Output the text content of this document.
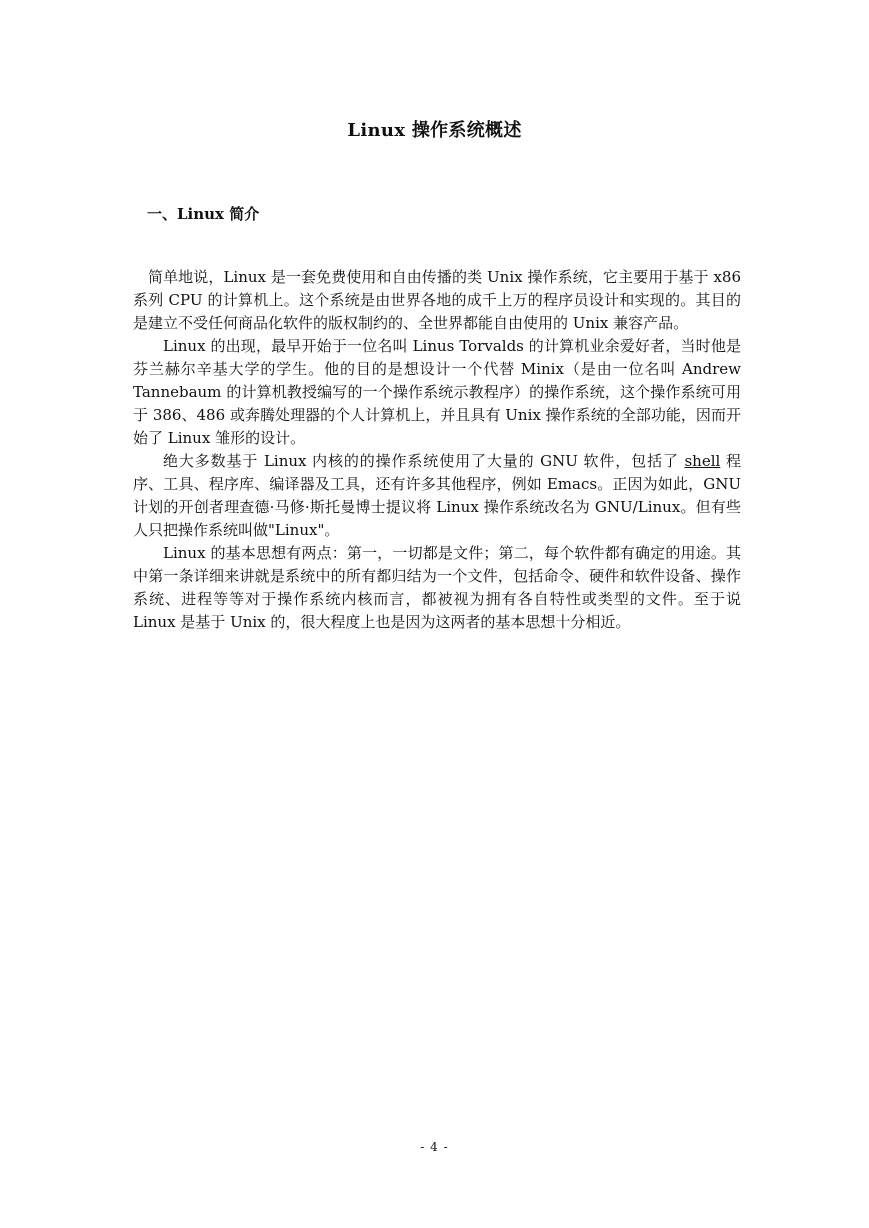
Linux 操作系统概述
一、Linux 简介

简单地说，Linux 是一套免费使用和自由传播的类 Unix 操作系统，它主要用于基于 x86 系列 CPU 的计算机上。这个系统是由世界各地的成千上万的程序员设计和实现的。其目的是建立不受任何商品化软件的版权制约的、全世界都能自由使用的 Unix 兼容产品。

Linux 的出现，最早开始于一位名叫 Linus Torvalds 的计算机业余爱好者，当时他是芬兰赫尔辛基大学的学生。他的目的是想设计一个代替 Minix（是由一位名叫 Andrew Tannebaum 的计算机教授编写的一个操作系统示教程序）的操作系统，这个操作系统可用于 386、486 或奔腾处理器的个人计算机上，并且具有 Unix 操作系统的全部功能，因而开始了 Linux 雏形的设计。

绝大多数基于 Linux 内核的的操作系统使用了大量的 GNU 软件，包括了 shell 程序、工具、程序库、编译器及工具，还有许多其他程序，例如 Emacs。正因为如此，GNU 计划的开创者理查德·马修·斯托曼博士提议将 Linux 操作系统改名为 GNU/Linux。但有些人只把操作系统叫做"Linux"。

Linux 的基本思想有两点：第一，一切都是文件；第二，每个软件都有确定的用途。其中第一条详细来讲就是系统中的所有都归结为一个文件，包括命令、硬件和软件设备、操作系统、进程等等对于操作系统内核而言，都被视为拥有各自特性或类型的文件。至于说 Linux 是基于 Unix 的，很大程度上也是因为这两者的基本思想十分相近。

- 4 -
